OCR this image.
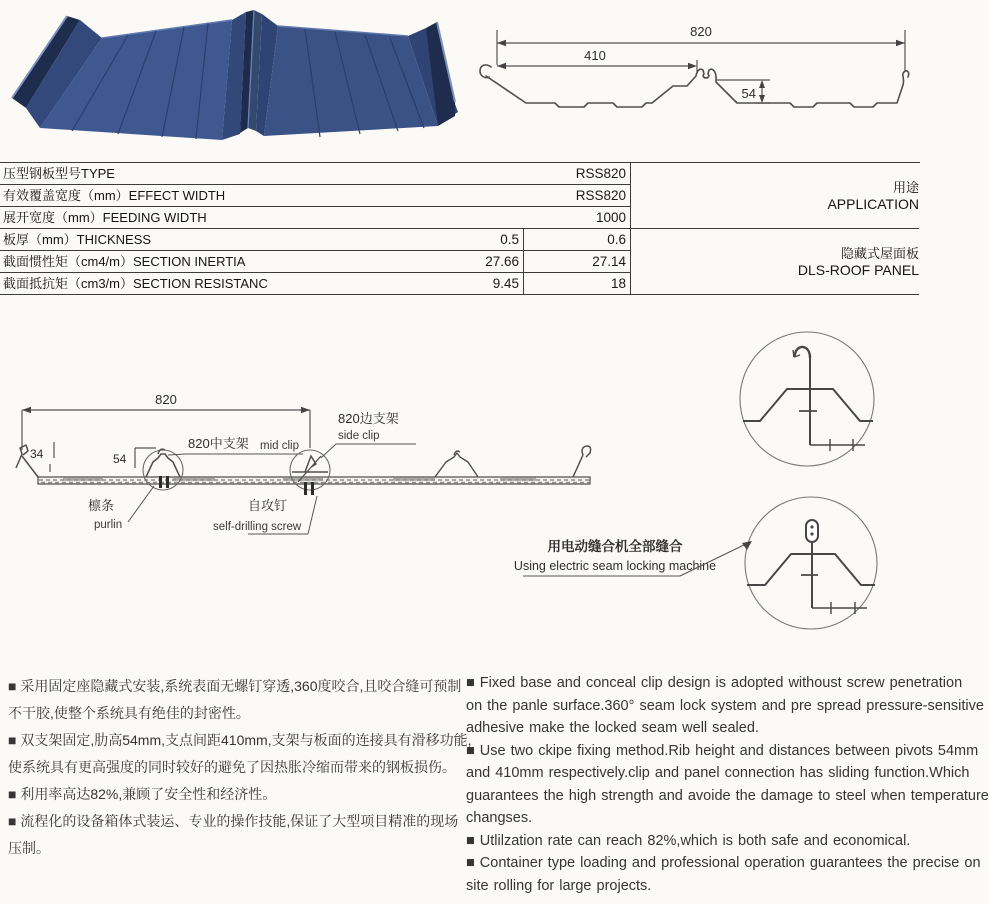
820
410
54
压型钢板型号TYPE	RSS820
有效覆盖宽度（mm）EFFECT WIDTH	RSS820
展开宽度（mm）FEEDING WIDTH	1000
板厚（mm）THICKNESS	0.5	0.6
截面惯性矩（cm4/m）SECTION INERTIA	27.66	27.14
截面抵抗矩（cm3/m）SECTION RESISTANC	9.45	18
用途
APPLICATION
隐藏式屋面板
DLS-ROOF PANEL
820
34	54
820中支架 mid clip
820边支架
side clip
檩条
purlin
自攻钉
self-drilling screw
用电动缝合机全部缝合
Using electric seam locking machine
■ 采用固定座隐藏式安装,系统表面无螺钉穿透,360度咬合,且咬合缝可预制
不干胶,使整个系统具有绝佳的封密性。
■ 双支架固定,肋高54mm,支点间距410mm,支架与板面的连接具有滑移功能,
使系统具有更高强度的同时较好的避免了因热胀冷缩而带来的钢板损伤。
■ 利用率高达82%,兼顾了安全性和经济性。
■ 流程化的设备箱体式装运、专业的操作技能,保证了大型项目精准的现场
压制。
■ Fixed base and conceal clip design is adopted withoust screw penetration
on the panle surface.360° seam lock system and pre spread pressure-sensitive
adhesive make the locked seam well sealed.
■ Use two ckipe fixing method.Rib height and distances between pivots 54mm
and 410mm respectively.clip and panel connection has sliding function.Which
guarantees the high strength and avoide the damage to steel when temperature
changses.
■ Utlilzation rate can reach 82%,which is both safe and economical.
■ Container type loading and professional operation guarantees the precise on
site rolling for large projects.
